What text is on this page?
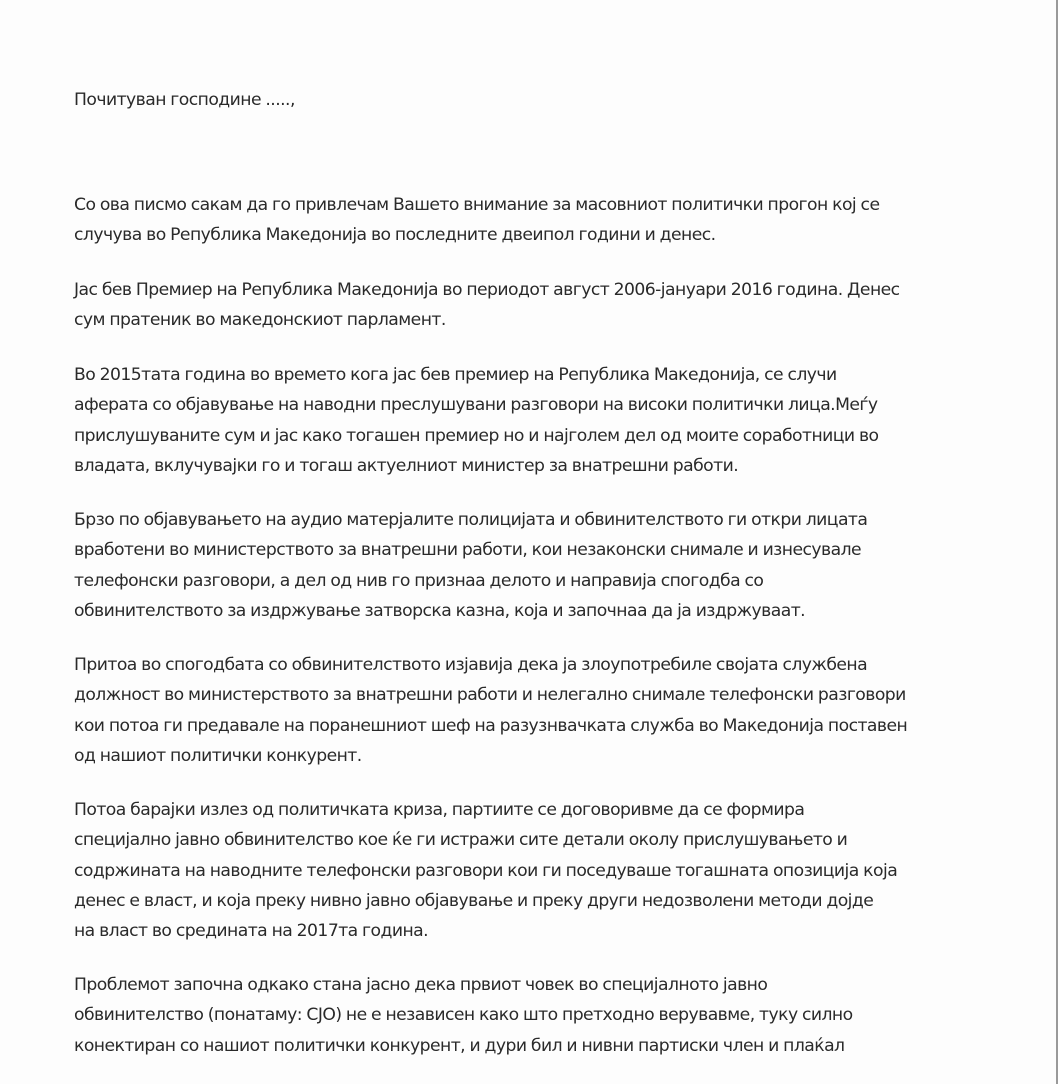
Почитуван господине .....,

Со ова писмо сакам да го привлечам Вашето внимание за масовниот политички прогон кој се
случува во Република Македонија во последните двеипол години и денес.
Јас бев Премиер на Република Македонија во периодот август 2006-јануари 2016 година. Денес
сум пратеник во македонскиот парламент.
Во 2015тата година во времето кога јас бев премиер на Република Македонија, се случи
аферата со објавување на наводни преслушувани разговори на високи политички лица.Меѓу
прислушуваните сум и јас како тогашен премиер но и најголем дел од моите соработници во
владата, вклучувајки го и тогаш актуелниот министер за внатрешни работи.
Брзо по објавувањето на аудио матерјалите полицијата и обвинителството ги откри лицата
вработени во министерството за внатрешни работи, кои незаконски снимале и изнесувале
телефонски разговори, а дел од нив го признаа делото и направија спогодба со
обвинителството за издржување затворска казна, која и започнаа да ја издржуваат.
Притоа во спогодбата со обвинителството изјавија дека ја злоупотребиле својата службена
должност во министерството за внатрешни работи и нелегално снимале телефонски разговори
кои потоа ги предавале на поранешниот шеф на разузнвачката служба во Македонија поставен
од нашиот политички конкурент.
Потоа барајки излез од политичката криза, партиите се договоривме да се формира
специјално јавно обвинителство кое ќе ги истражи сите детали околу прислушувањето и
содржината на наводните телефонски разговори кои ги поседуваше тогашната опозиција која
денес е власт, и која преку нивно јавно објавување и преку други недозволени методи дојде
на власт во средината на 2017та година.
Проблемот започна одкако стана јасно дека првиот човек во специјалното јавно
обвинителство (понатаму: СЈО) не е независен како што претходно верувавме, туку силно
конектиран со нашиот политички конкурент, и дури бил и нивни партиски член и плаќал
